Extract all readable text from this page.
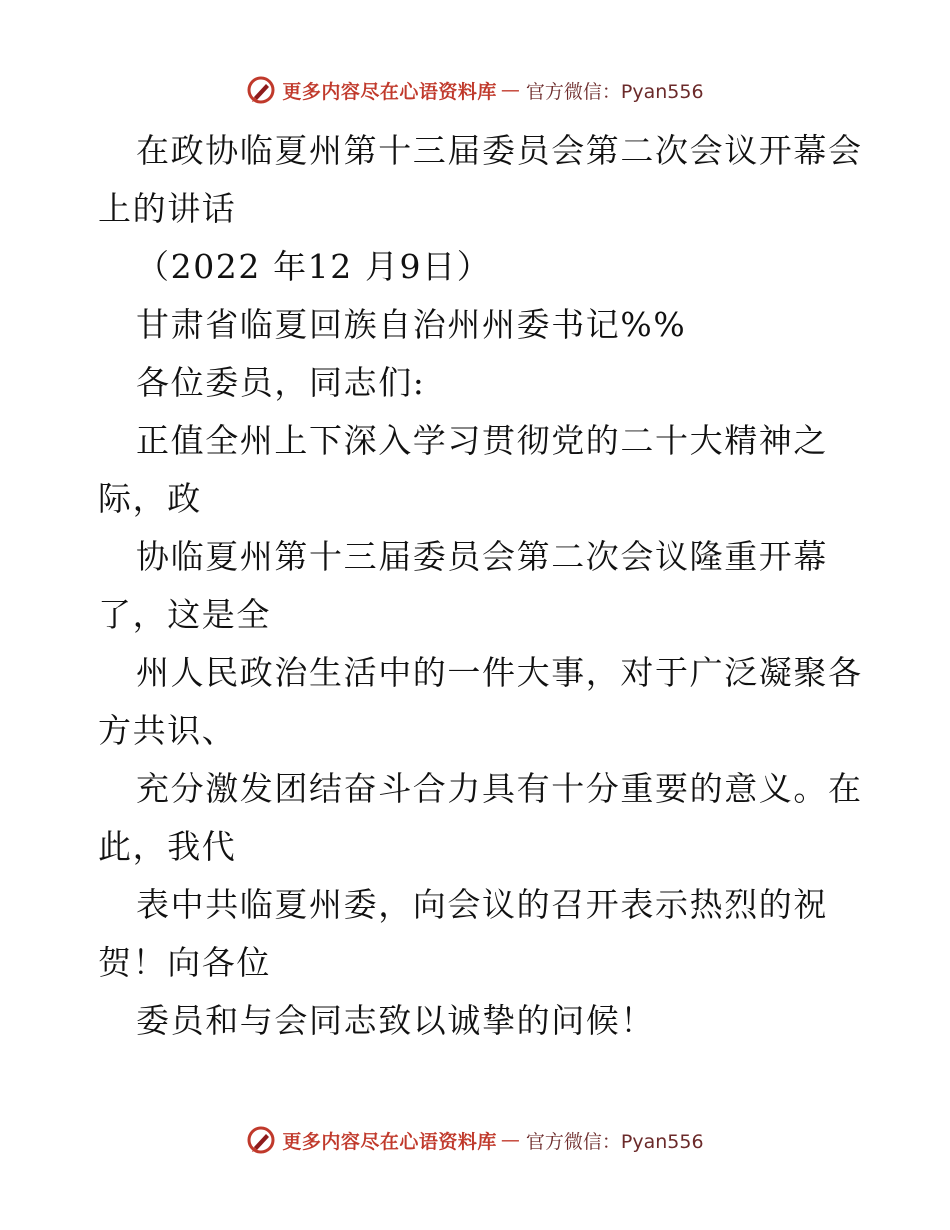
更多内容尽在心语资料库 — 官方微信：Pyan556

在政协临夏州第十三届委员会第二次会议开幕会

上的讲话

（2022 年12 月9日）

甘肃省临夏回族自治州州委书记%%

各位委员，同志们:

正值全州上下深入学习贯彻党的二十大精神之

际，政

协临夏州第十三届委员会第二次会议隆重开幕

了，这是全

州人民政治生活中的一件大事，对于广泛凝聚各

方共识、

充分激发团结奋斗合力具有十分重要的意义。在

此，我代

表中共临夏州委，向会议的召开表示热烈的祝

贺！向各位

委员和与会同志致以诚挚的问候！

更多内容尽在心语资料库 — 官方微信：Pyan556
